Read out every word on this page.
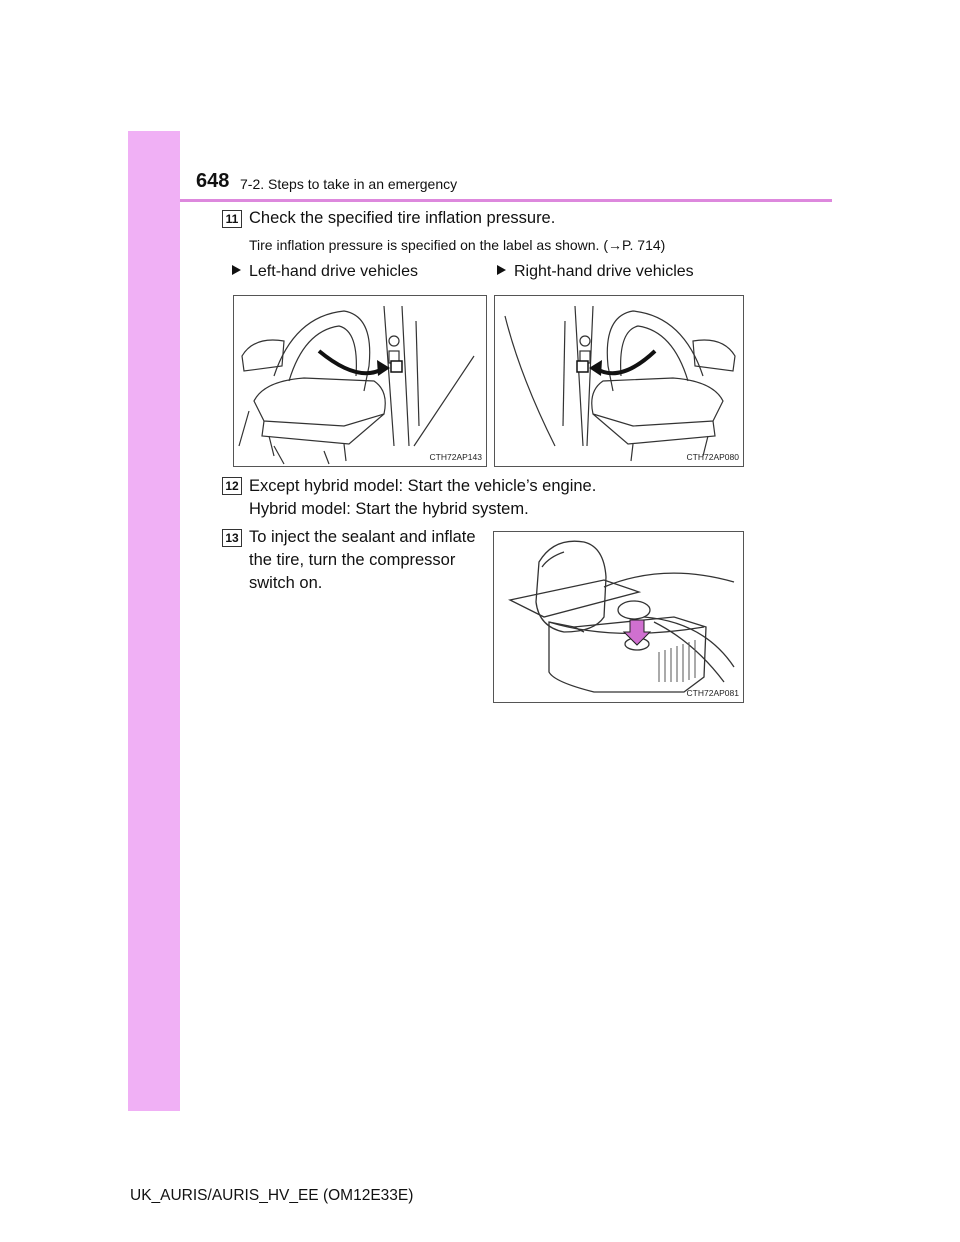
648 7-2. Steps to take in an emergency
11 Check the specified tire inflation pressure.
Tire inflation pressure is specified on the label as shown. (→P. 714)
Left-hand drive vehicles	Right-hand drive vehicles
CTH72AP143	CTH72AP080
12 Except hybrid model: Start the vehicle’s engine.
Hybrid model: Start the hybrid system.
13 To inject the sealant and inflate
the tire, turn the compressor
switch on.
CTH72AP081
UK_AURIS/AURIS_HV_EE (OM12E33E)
